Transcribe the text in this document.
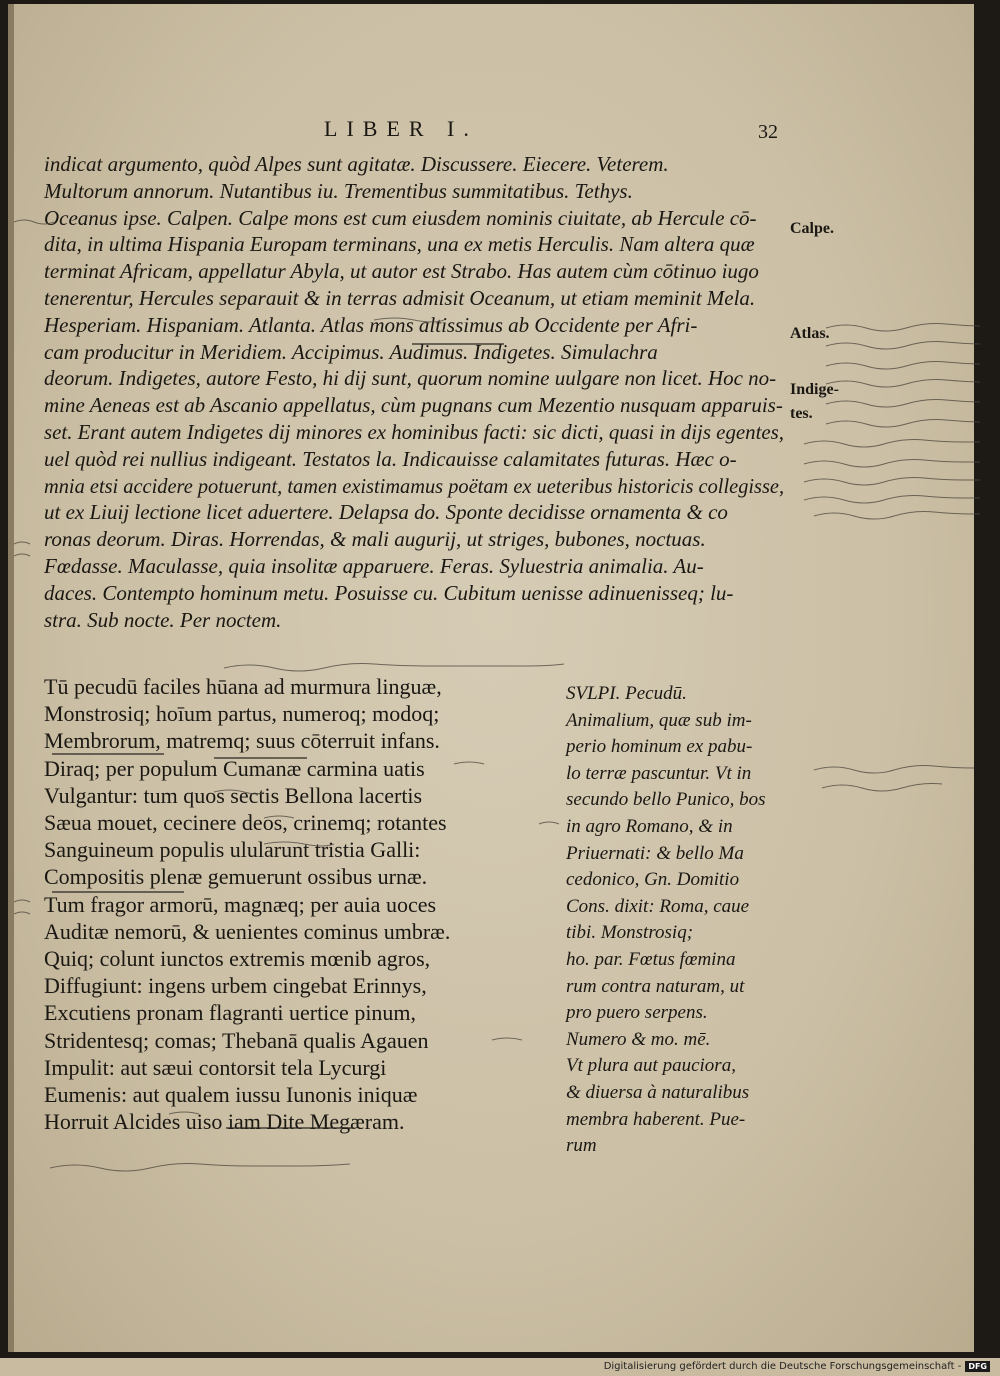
LIBER I.	32
indicat argumento, quòd Alpes sunt agitatæ. Discussere. Eiecere. Veterem.
Multorum annorum. Nutantibus iu. Trementibus summitatibus. Tethys.
Oceanus ipse. Calpen. Calpe mons est cum eiusdem nominis ciuitate, ab Hercule cō-
dita, in ultima Hispania Europam terminans, una ex metis Herculis. Nam altera quæ
terminat Africam, appellatur Abyla, ut autor est Strabo. Has autem cùm cōtinuo iugo
tenerentur, Hercules separauit & in terras admisit Oceanum, ut etiam meminit Mela.
Hesperiam. Hispaniam. Atlanta. Atlas mons altissimus ab Occidente per Afri-
cam producitur in Meridiem. Accipimus. Audimus. Indigetes. Simulachra
deorum. Indigetes, autore Festo, hi dij sunt, quorum nomine uulgare non licet. Hoc no-
mine Aeneas est ab Ascanio appellatus, cùm pugnans cum Mezentio nusquam apparuis-
set. Erant autem Indigetes dij minores ex hominibus facti: sic dicti, quasi in dijs egentes,
uel quòd rei nullius indigeant. Testatos la. Indicauisse calamitates futuras. Hæc o-
mnia etsi accidere potuerunt, tamen existimamus poëtam ex ueteribus historicis collegisse,
ut ex Liuij lectione licet aduertere. Delapsa do. Sponte decidisse ornamenta & co
ronas deorum. Diras. Horrendas, & mali augurij, ut striges, bubones, noctuas.
Fœdasse. Maculasse, quia insolitæ apparuere. Feras. Syluestria animalia. Au-
daces. Contempto hominum metu. Posuisse cu. Cubitum uenisse adinuenisseq; lu-
stra. Sub nocte. Per noctem.
Calpe.
Atlas.
Indige-
tes.
Tū pecudū faciles hūana ad murmura linguæ,
Monstrosiq; hoīum partus, numeroq; modoq;
Membrorum, matremq; suus cōterruit infans.
Diraq; per populum Cumanæ carmina uatis
Vulgantur: tum quos sectis Bellona lacertis
Sæua mouet, cecinere deos, crinemq; rotantes
Sanguineum populis ulularunt tristia Galli:
Compositis plenæ gemuerunt ossibus urnæ.
Tum fragor armorū, magnæq; per auia uoces
Auditæ nemorū, & uenientes cominus umbræ.
Quiq; colunt iunctos extremis mœnib agros,
Diffugiunt: ingens urbem cingebat Erinnys,
Excutiens pronam flagranti uertice pinum,
Stridentesq; comas; Thebanā qualis Agauen
Impulit: aut sæui contorsit tela Lycurgi
Eumenis: aut qualem iussu Iunonis iniquæ
Horruit Alcides uiso iam Dite Megæram.
SVLPI. Pecudū.
Animalium, quæ sub im-
perio hominum ex pabu-
lo terræ pascuntur. Vt in
secundo bello Punico, bos
in agro Romano, & in
Priuernati: & bello Ma
cedonico, Gn. Domitio
Cons. dixit: Roma, caue
tibi. Monstrosiq;
ho. par. Fœtus fœmina
rum contra naturam, ut
pro puero serpens.
Numero & mo. mē.
Vt plura aut pauciora,
& diuersa à naturalibus
membra haberent. Pue-
rum
Digitalisierung gefördert durch die Deutsche Forschungsgemeinschaft - DFG
